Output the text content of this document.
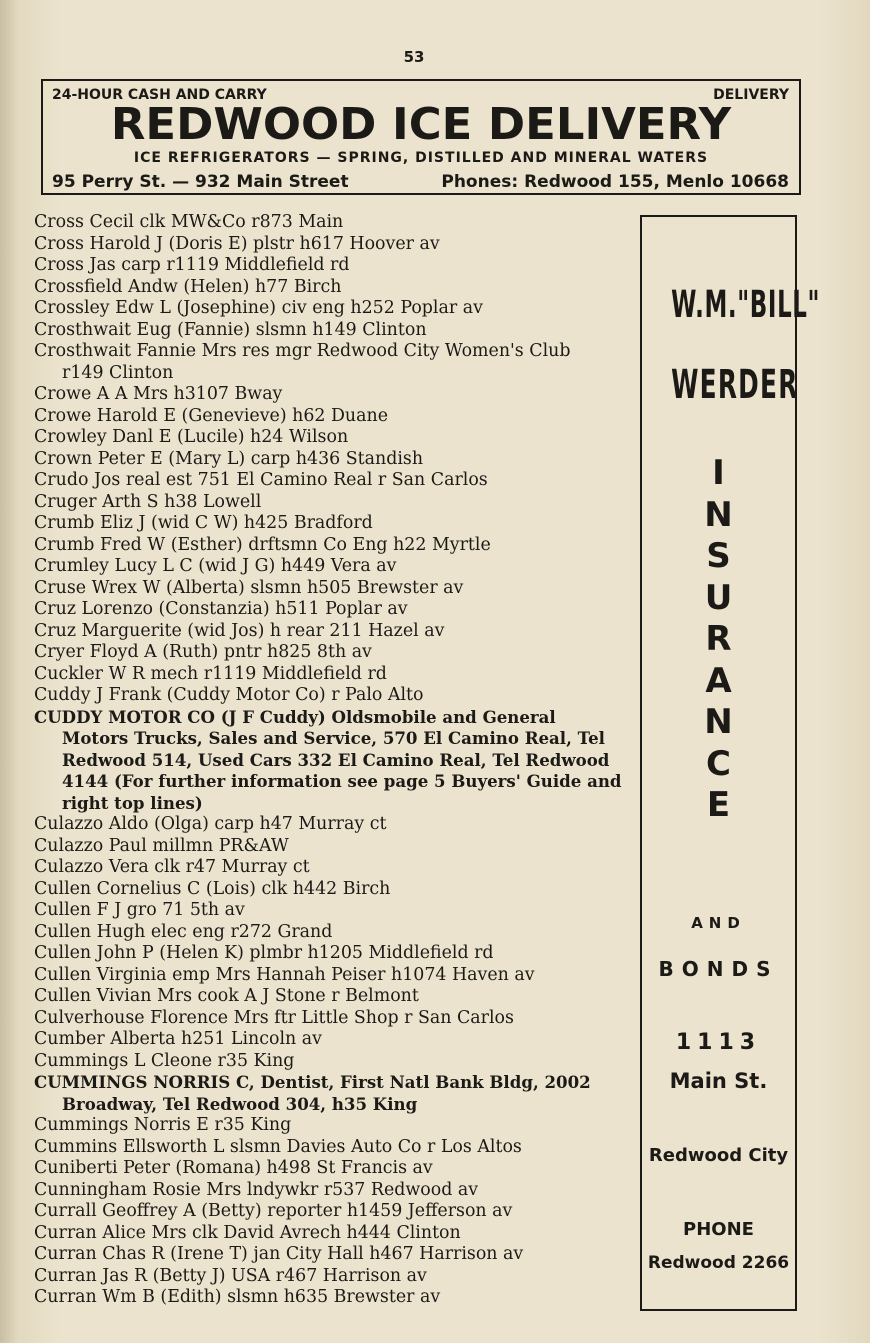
53
24-HOUR CASH AND CARRY	DELIVERY
REDWOOD ICE DELIVERY
ICE REFRIGERATORS — SPRING, DISTILLED AND MINERAL WATERS
95 Perry St. — 932 Main Street	Phones: Redwood 155, Menlo 10668
Cross Cecil clk MW&Co r873 Main
Cross Harold J (Doris E) plstr h617 Hoover av
Cross Jas carp r1119 Middlefield rd
Crossfield Andw (Helen) h77 Birch
Crossley Edw L (Josephine) civ eng h252 Poplar av
Crosthwait Eug (Fannie) slsmn h149 Clinton
Crosthwait Fannie Mrs res mgr Redwood City Women's Club
r149 Clinton
Crowe A A Mrs h3107 Bway
Crowe Harold E (Genevieve) h62 Duane
Crowley Danl E (Lucile) h24 Wilson
Crown Peter E (Mary L) carp h436 Standish
Crudo Jos real est 751 El Camino Real r San Carlos
Cruger Arth S h38 Lowell
Crumb Eliz J (wid C W) h425 Bradford
Crumb Fred W (Esther) drftsmn Co Eng h22 Myrtle
Crumley Lucy L C (wid J G) h449 Vera av
Cruse Wrex W (Alberta) slsmn h505 Brewster av
Cruz Lorenzo (Constanzia) h511 Poplar av
Cruz Marguerite (wid Jos) h rear 211 Hazel av
Cryer Floyd A (Ruth) pntr h825 8th av
Cuckler W R mech r1119 Middlefield rd
Cuddy J Frank (Cuddy Motor Co) r Palo Alto
CUDDY MOTOR CO (J F Cuddy) Oldsmobile and General Motors Trucks, Sales and Service, 570 El Camino Real, Tel Redwood 514, Used Cars 332 El Camino Real, Tel Redwood 4144 (For further information see page 5 Buyers' Guide and right top lines)
Culazzo Aldo (Olga) carp h47 Murray ct
Culazzo Paul millmn PR&AW
Culazzo Vera clk r47 Murray ct
Cullen Cornelius C (Lois) clk h442 Birch
Cullen F J gro 71 5th av
Cullen Hugh elec eng r272 Grand
Cullen John P (Helen K) plmbr h1205 Middlefield rd
Cullen Virginia emp Mrs Hannah Peiser h1074 Haven av
Cullen Vivian Mrs cook A J Stone r Belmont
Culverhouse Florence Mrs ftr Little Shop r San Carlos
Cumber Alberta h251 Lincoln av
Cummings L Cleone r35 King
CUMMINGS NORRIS C, Dentist, First Natl Bank Bldg, 2002 Broadway, Tel Redwood 304, h35 King
Cummings Norris E r35 King
Cummins Ellsworth L slsmn Davies Auto Co r Los Altos
Cuniberti Peter (Romana) h498 St Francis av
Cunningham Rosie Mrs lndywkr r537 Redwood av
Currall Geoffrey A (Betty) reporter h1459 Jefferson av
Curran Alice Mrs clk David Avrech h444 Clinton
Curran Chas R (Irene T) jan City Hall h467 Harrison av
Curran Jas R (Betty J) USA r467 Harrison av
Curran Wm B (Edith) slsmn h635 Brewster av
W.M."BILL"
WERDER
INSURANCE
AND
BONDS
1113
Main St.
Redwood City
PHONE
Redwood 2266
